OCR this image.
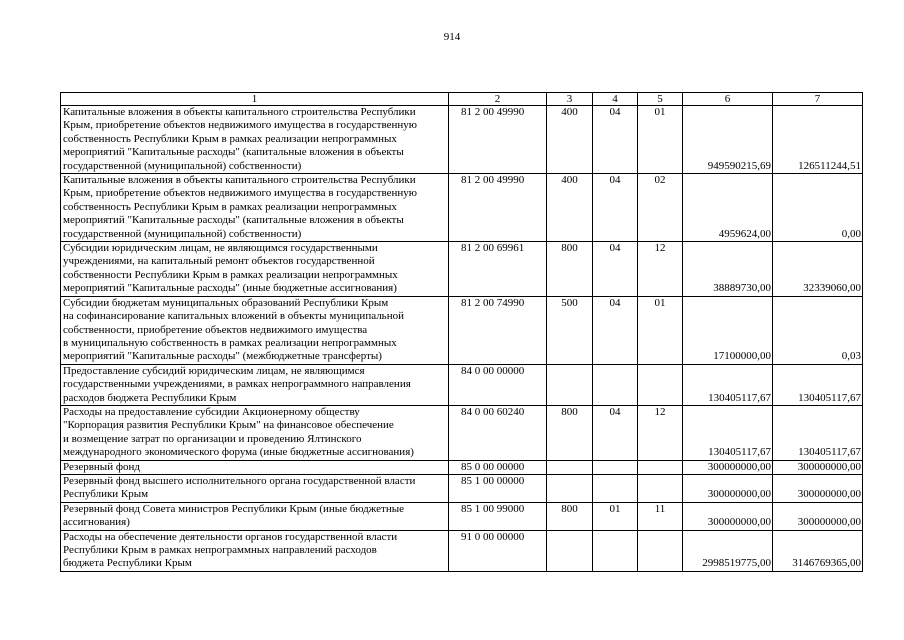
914
1	2	3	4	5	6	7
Капитальные вложения в объекты капитального строительства Республики
Крым, приобретение объектов недвижимого имущества в государственную
собственность Республики Крым в рамках реализации непрограммных
мероприятий "Капитальные расходы" (капитальные вложения в объекты
государственной (муниципальной) собственности)	81 2 00 49990	400	04	01	949590215,69	126511244,51
Капитальные вложения в объекты капитального строительства Республики
Крым, приобретение объектов недвижимого имущества в государственную
собственность Республики Крым в рамках реализации непрограммных
мероприятий "Капитальные расходы" (капитальные вложения в объекты
государственной (муниципальной) собственности)	81 2 00 49990	400	04	02	4959624,00	0,00
Субсидии юридическим лицам, не являющимся государственными
учреждениями, на капитальный ремонт объектов государственной
собственности Республики Крым в рамках реализации непрограммных
мероприятий "Капитальные расходы" (иные бюджетные ассигнования)	81 2 00 69961	800	04	12	38889730,00	32339060,00
Субсидии бюджетам муниципальных образований Республики Крым
на софинансирование капитальных вложений в объекты муниципальной
собственности, приобретение объектов недвижимого имущества
в муниципальную собственность в рамках реализации непрограммных
мероприятий "Капитальные расходы" (межбюджетные трансферты)	81 2 00 74990	500	04	01	17100000,00	0,03
Предоставление субсидий юридическим лицам, не являющимся
государственными учреждениями, в рамках непрограммного направления
расходов бюджета Республики Крым	84 0 00 00000				130405117,67	130405117,67
Расходы на предоставление субсидии Акционерному обществу
"Корпорация развития Республики Крым" на финансовое обеспечение
и возмещение затрат по организации и проведению Ялтинского
международного экономического форума (иные бюджетные ассигнования)	84 0 00 60240	800	04	12	130405117,67	130405117,67
Резервный фонд	85 0 00 00000				300000000,00	300000000,00
Резервный фонд высшего исполнительного органа государственной власти
Республики Крым	85 1 00 00000				300000000,00	300000000,00
Резервный фонд Совета министров Республики Крым (иные бюджетные
ассигнования)	85 1 00 99000	800	01	11	300000000,00	300000000,00
Расходы на обеспечение деятельности органов государственной власти
Республики Крым в рамках непрограммных направлений расходов
бюджета Республики Крым	91 0 00 00000				2998519775,00	3146769365,00
